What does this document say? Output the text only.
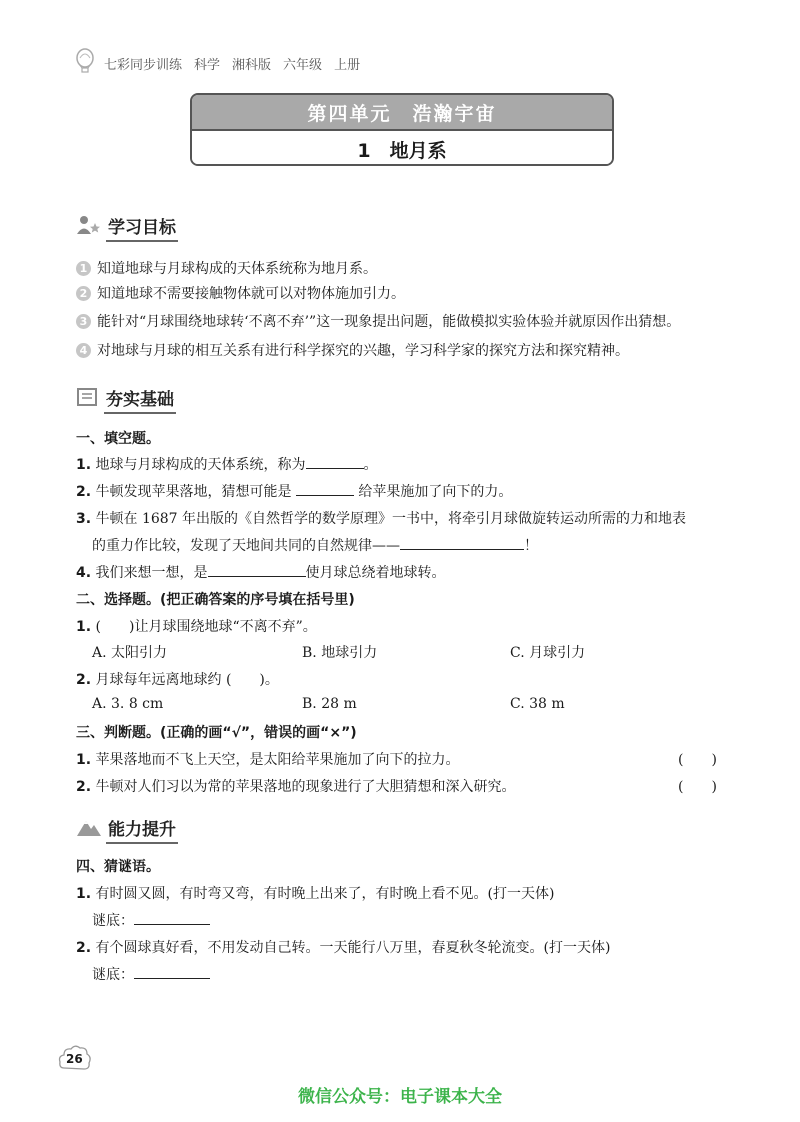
七彩同步训练 科学 湘科版 六年级 上册
第四单元　浩瀚宇宙
1　地月系
学习目标
1 知道地球与月球构成的天体系统称为地月系。
2 知道地球不需要接触物体就可以对物体施加引力。
3 能针对“月球围绕地球转‘不离不弃’”这一现象提出问题，能做模拟实验体验并就原因作出猜想。
4 对地球与月球的相互关系有进行科学探究的兴趣，学习科学家的探究方法和探究精神。
夯实基础
一、填空题。
1. 地球与月球构成的天体系统，称为	。
2. 牛顿发现苹果落地，猜想可能是	给苹果施加了向下的力。
3. 牛顿在 1687 年出版的《自然哲学的数学原理》一书中，将牵引月球做旋转运动所需的力和地表
的重力作比较，发现了天地间共同的自然规律——	！
4. 我们来想一想，是	使月球总绕着地球转。
二、选择题。(把正确答案的序号填在括号里)
1. (　　)让月球围绕地球“不离不弃”。
A. 太阳引力	B. 地球引力	C. 月球引力
2. 月球每年远离地球约 (　　)。
A. 3. 8 cm	B. 28 m	C. 38 m
三、判断题。(正确的画“√”，错误的画“×”)
1. 苹果落地而不飞上天空，是太阳给苹果施加了向下的拉力。	(　　)
2. 牛顿对人们习以为常的苹果落地的现象进行了大胆猜想和深入研究。	(　　)
能力提升
四、猜谜语。
1. 有时圆又圆，有时弯又弯，有时晚上出来了，有时晚上看不见。(打一天体)
谜底：
2. 有个圆球真好看，不用发动自己转。一天能行八万里，春夏秋冬轮流变。(打一天体)
谜底：
26
微信公众号：电子课本大全
